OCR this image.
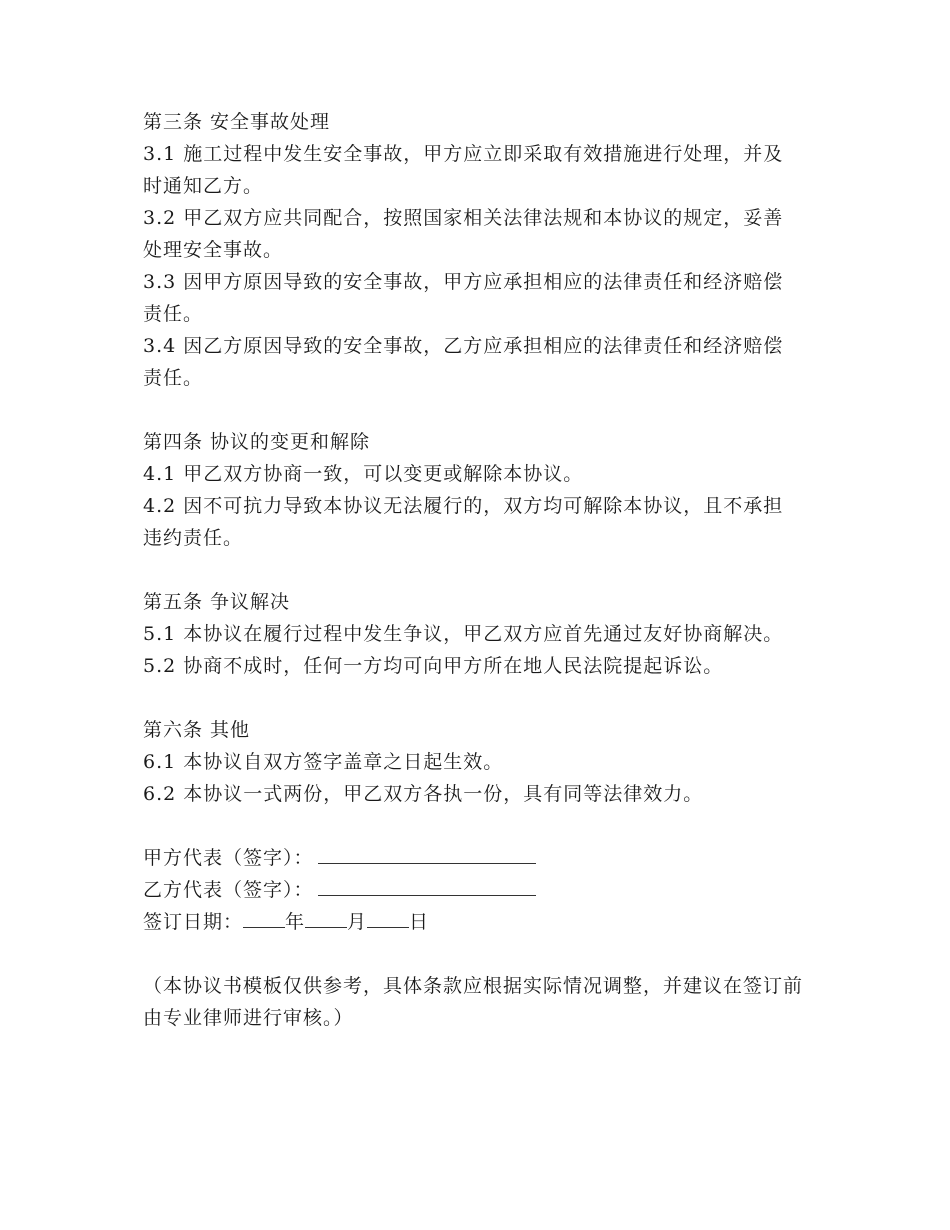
第三条 安全事故处理
3.1 施工过程中发生安全事故，甲方应立即采取有效措施进行处理，并及时通知乙方。
3.2 甲乙双方应共同配合，按照国家相关法律法规和本协议的规定，妥善处理安全事故。
3.3 因甲方原因导致的安全事故，甲方应承担相应的法律责任和经济赔偿责任。
3.4 因乙方原因导致的安全事故，乙方应承担相应的法律责任和经济赔偿责任。
第四条 协议的变更和解除
4.1 甲乙双方协商一致，可以变更或解除本协议。
4.2 因不可抗力导致本协议无法履行的，双方均可解除本协议，且不承担违约责任。
第五条 争议解决
5.1 本协议在履行过程中发生争议，甲乙双方应首先通过友好协商解决。
5.2 协商不成时，任何一方均可向甲方所在地人民法院提起诉讼。
第六条 其他
6.1 本协议自双方签字盖章之日起生效。
6.2 本协议一式两份，甲乙双方各执一份，具有同等法律效力。
甲方代表（签字）：
乙方代表（签字）：
签订日期： 年 月 日
（本协议书模板仅供参考，具体条款应根据实际情况调整，并建议在签订前由专业律师进行审核。）
